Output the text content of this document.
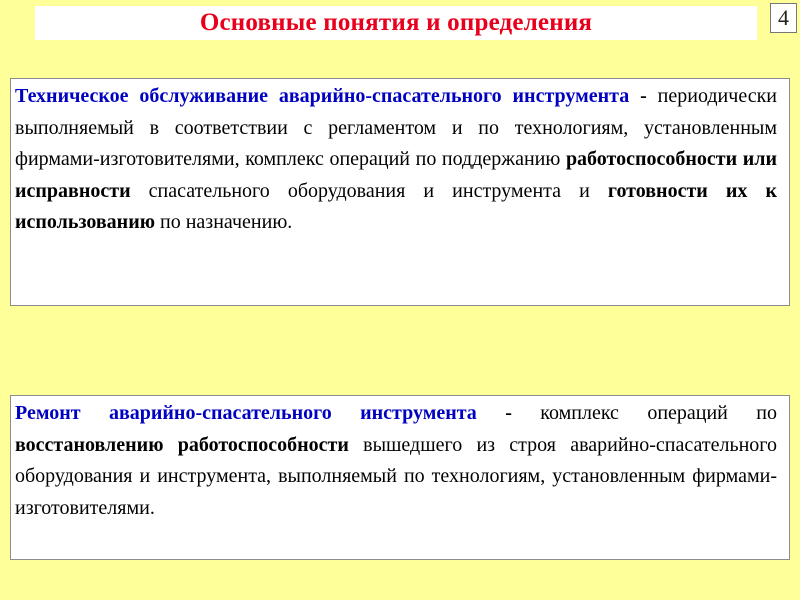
Основные понятия и определения	4
Техническое обслуживание аварийно-спасательного инструмента - периодически выполняемый в соответствии с регламентом и по технологиям, установленным фирмами-изготовителями, комплекс операций по поддержанию работоспособности или исправности спасательного оборудования и инструмента и готовности их к использованию по назначению.
Ремонт аварийно-спасательного инструмента - комплекс операций по восстановлению работоспособности вышедшего из строя аварийно-спасательного оборудования и инструмента, выполняемый по технологиям, установленным фирмами-изготовителями.
